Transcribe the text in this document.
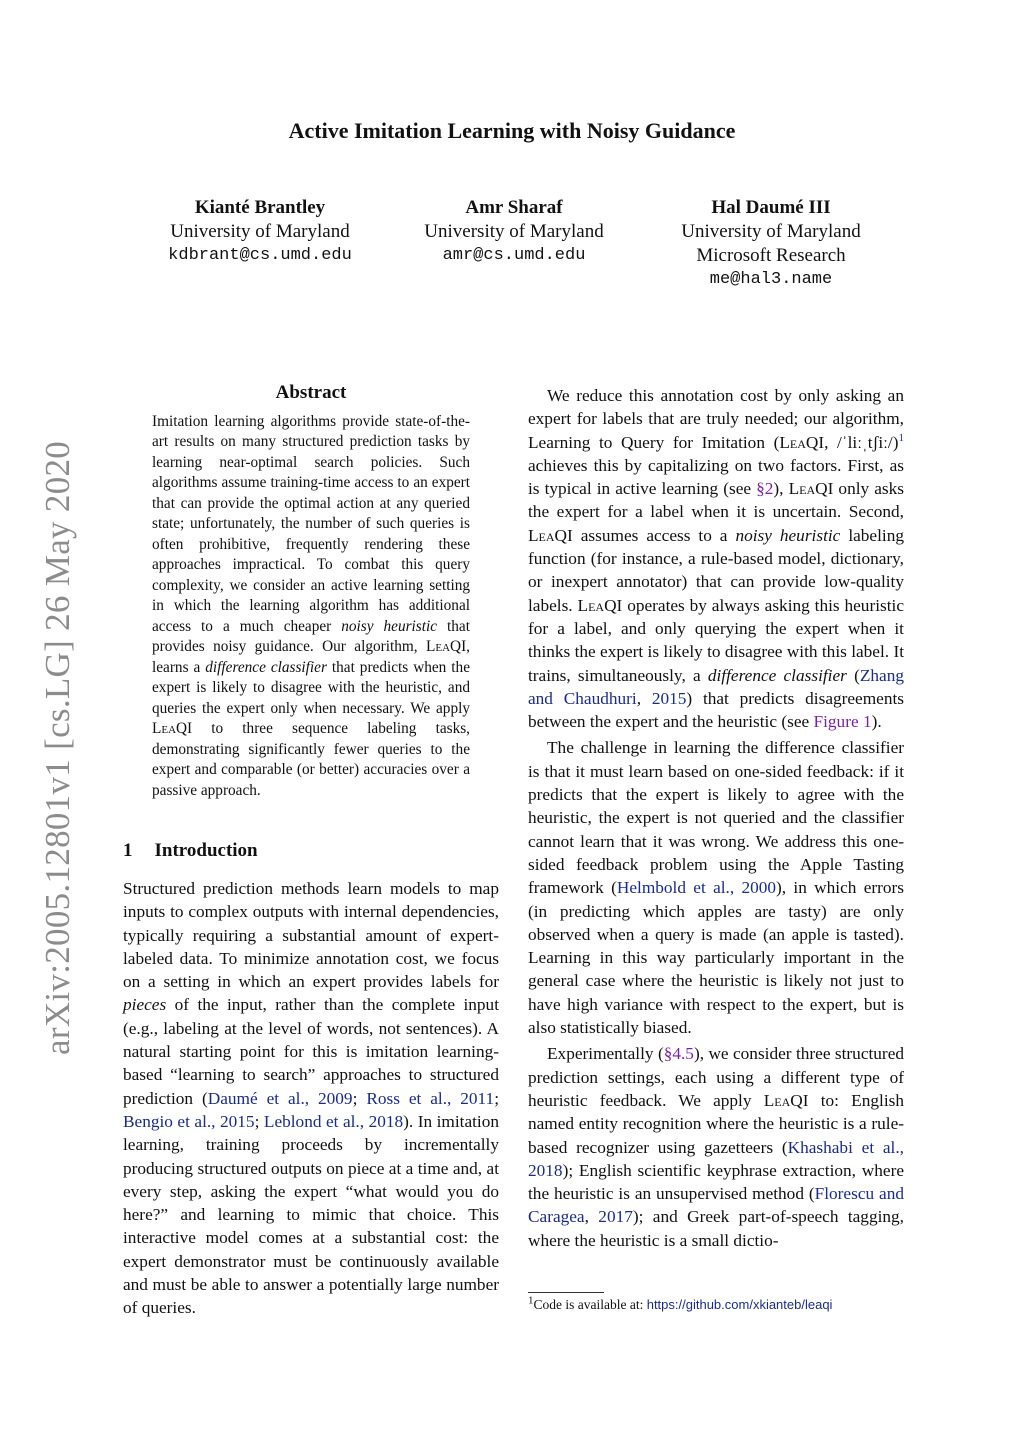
arXiv:2005.12801v1 [cs.LG] 26 May 2020
Active Imitation Learning with Noisy Guidance
Kianté Brantley
University of Maryland
kdbrant@cs.umd.edu
Amr Sharaf
University of Maryland
amr@cs.umd.edu
Hal Daumé III
University of Maryland
Microsoft Research
me@hal3.name
Abstract

Imitation learning algorithms provide state-of-the-art results on many structured prediction tasks by learning near-optimal search policies. Such algorithms assume training-time access to an expert that can provide the optimal action at any queried state; unfortunately, the number of such queries is often prohibitive, frequently rendering these approaches impractical. To combat this query complexity, we consider an active learning setting in which the learning algorithm has additional access to a much cheaper noisy heuristic that provides noisy guidance. Our algorithm, LeaQI, learns a difference classifier that predicts when the expert is likely to disagree with the heuristic, and queries the expert only when necessary. We apply LeaQI to three sequence labeling tasks, demonstrating significantly fewer queries to the expert and comparable (or better) accuracies over a passive approach.

1 Introduction

Structured prediction methods learn models to map inputs to complex outputs with internal dependencies, typically requiring a substantial amount of expert-labeled data. To minimize annotation cost, we focus on a setting in which an expert provides labels for pieces of the input, rather than the complete input (e.g., labeling at the level of words, not sentences). A natural starting point for this is imitation learning-based “learning to search” approaches to structured prediction (Daumé et al., 2009; Ross et al., 2011; Bengio et al., 2015; Leblond et al., 2018). In imitation learning, training proceeds by incrementally producing structured outputs on piece at a time and, at every step, asking the expert “what would you do here?” and learning to mimic that choice. This interactive model comes at a substantial cost: the expert demonstrator must be continuously available and must be able to answer a potentially large number of queries.

We reduce this annotation cost by only asking an expert for labels that are truly needed; our algorithm, Learning to Query for Imitation (LeaQI, /ˈliːˌtʃiː/)$^1$ achieves this by capitalizing on two factors. First, as is typical in active learning (see §2), LeaQI only asks the expert for a label when it is uncertain. Second, LeaQI assumes access to a noisy heuristic labeling function (for instance, a rule-based model, dictionary, or inexpert annotator) that can provide low-quality labels. LeaQI operates by always asking this heuristic for a label, and only querying the expert when it thinks the expert is likely to disagree with this label. It trains, simultaneously, a difference classifier (Zhang and Chaudhuri, 2015) that predicts disagreements between the expert and the heuristic (see Figure 1).

The challenge in learning the difference classifier is that it must learn based on one-sided feedback: if it predicts that the expert is likely to agree with the heuristic, the expert is not queried and the classifier cannot learn that it was wrong. We address this one-sided feedback problem using the Apple Tasting framework (Helmbold et al., 2000), in which errors (in predicting which apples are tasty) are only observed when a query is made (an apple is tasted). Learning in this way particularly important in the general case where the heuristic is likely not just to have high variance with respect to the expert, but is also statistically biased.

Experimentally (§4.5), we consider three structured prediction settings, each using a different type of heuristic feedback. We apply LeaQI to: English named entity recognition where the heuristic is a rule-based recognizer using gazetteers (Khashabi et al., 2018); English scientific keyphrase extraction, where the heuristic is an unsupervised method (Florescu and Caragea, 2017); and Greek part-of-speech tagging, where the heuristic is a small dictio-

$^1$Code is available at: https://github.com/xkianteb/leaqi
